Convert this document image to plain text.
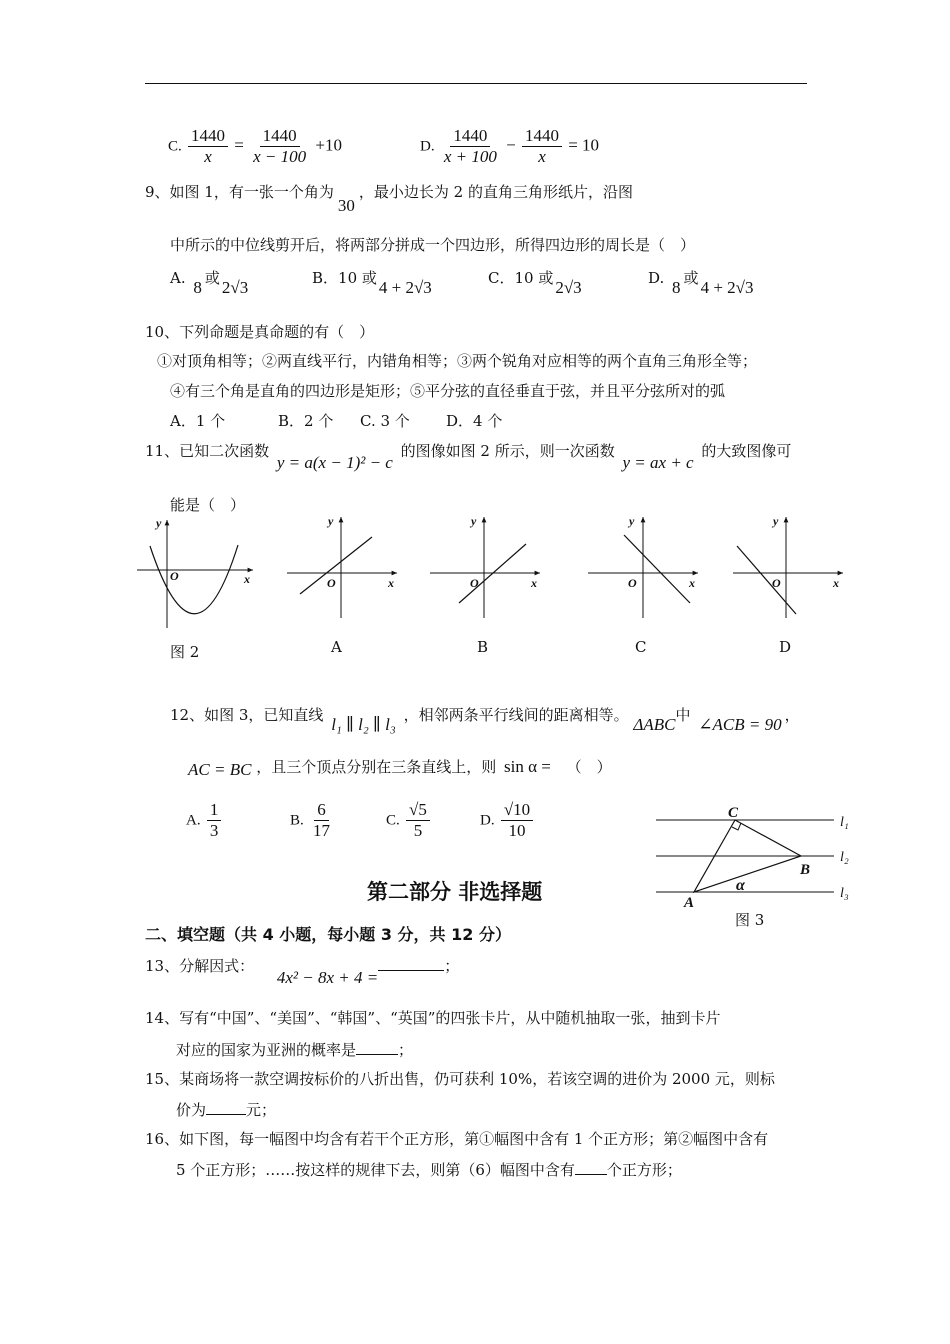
C. $\frac{1440}{x} = \frac{1440}{x - 100} +10$	D. $\frac{1440}{x + 100} - \frac{1440}{x} = 10$
9、如图 1，有一张一个角为30，最小边长为 2 的直角三角形纸片，沿图
中所示的中位线剪开后，将两部分拼成一个四边形，所得四边形的周长是（　）
A. 8 或 2√3	B．10 或 4 + 2√3	C．10 或 2√3	D. 8 或 4 + 2√3
10、下列命题是真命题的有（　）
①对顶角相等；②两直线平行，内错角相等；③两个锐角对应相等的两个直角三角形全等；
④有三个角是直角的四边形是矩形；⑤平分弦的直径垂直于弦，并且平分弦所对的弧
A．1 个	B．2 个 C. 3 个 D．4 个
11、已知二次函数 y = a(x − 1)² − c 的图像如图 2 所示，则一次函数 y = ax + c 的大致图像可
能是（　）
y
x
O
y
x
O
y
x
O
y
x
O
y
x
O
图 2	A	B	C	D
12、如图 3，已知直线 l₁ ∥ l₂ ∥ l₃ ，相邻两条平行线间的距离相等。 ΔABC中 ∠ACB = 90 ，
AC = BC ，且三个顶点分别在三条直线上，则 sin α = （　）
A. $\frac{1}{3}$	B. $\frac{6}{17}$	C. $\frac{√5}{5}$	D. $\frac{√10}{10}$	C
B
A
α
l₁
l₂
l₃
图 3
第二部分 非选择题
二、填空题（共 4 小题，每小题 3 分，共 12 分）
13、分解因式： 4x² − 8x + 4 =；
14、写有“中国”、“美国”、“韩国”、“英国”的四张卡片，从中随机抽取一张，抽到卡片
对应的国家为亚洲的概率是	；
15、某商场将一款空调按标价的八折出售，仍可获利 10%，若该空调的进价为 2000 元，则标
价为	元；
16、如下图，每一幅图中均含有若干个正方形，第①幅图中含有 1 个正方形；第②幅图中含有
5 个正方形；……按这样的规律下去，则第（6）幅图中含有 个正方形；
